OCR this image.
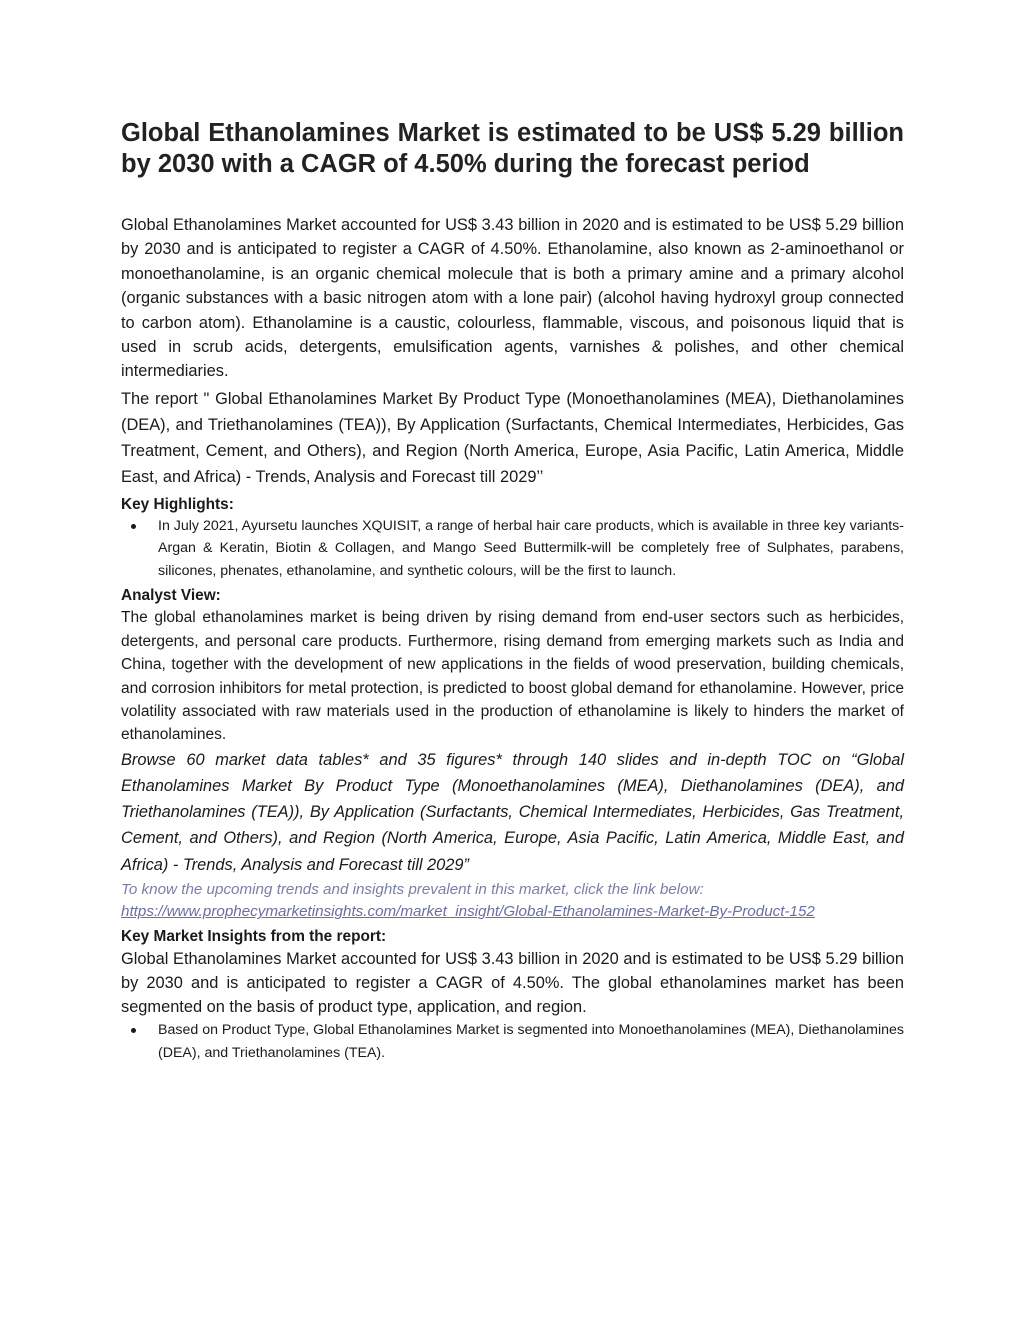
Global Ethanolamines Market is estimated to be US$ 5.29 billion by 2030 with a CAGR of 4.50% during the forecast period

Global Ethanolamines Market accounted for US$ 3.43 billion in 2020 and is estimated to be US$ 5.29 billion by 2030 and is anticipated to register a CAGR of 4.50%. Ethanolamine, also known as 2-aminoethanol or monoethanolamine, is an organic chemical molecule that is both a primary amine and a primary alcohol (organic substances with a basic nitrogen atom with a lone pair) (alcohol having hydroxyl group connected to carbon atom). Ethanolamine is a caustic, colourless, flammable, viscous, and poisonous liquid that is used in scrub acids, detergents, emulsification agents, varnishes & polishes, and other chemical intermediaries.

The report " Global Ethanolamines Market By Product Type (Monoethanolamines (MEA), Diethanolamines (DEA), and Triethanolamines (TEA)), By Application (Surfactants, Chemical Intermediates, Herbicides, Gas Treatment, Cement, and Others), and Region (North America, Europe, Asia Pacific, Latin America, Middle East, and Africa) - Trends, Analysis and Forecast till 2029’’

Key Highlights:
In July 2021, Ayursetu launches XQUISIT, a range of herbal hair care products, which is available in three key variants-Argan & Keratin, Biotin & Collagen, and Mango Seed Buttermilk-will be completely free of Sulphates, parabens, silicones, phenates, ethanolamine, and synthetic colours, will be the first to launch.
Analyst View:

The global ethanolamines market is being driven by rising demand from end-user sectors such as herbicides, detergents, and personal care products. Furthermore, rising demand from emerging markets such as India and China, together with the development of new applications in the fields of wood preservation, building chemicals, and corrosion inhibitors for metal protection, is predicted to boost global demand for ethanolamine. However, price volatility associated with raw materials used in the production of ethanolamine is likely to hinders the market of ethanolamines.

Browse 60 market data tables* and 35 figures* through 140 slides and in-depth TOC on “Global Ethanolamines Market By Product Type (Monoethanolamines (MEA), Diethanolamines (DEA), and Triethanolamines (TEA)), By Application (Surfactants, Chemical Intermediates, Herbicides, Gas Treatment, Cement, and Others), and Region (North America, Europe, Asia Pacific, Latin America, Middle East, and Africa) - Trends, Analysis and Forecast till 2029”

To know the upcoming trends and insights prevalent in this market, click the link below:

https://www.prophecymarketinsights.com/market_insight/Global-Ethanolamines-Market-By-Product-152
Key Market Insights from the report:

Global Ethanolamines Market accounted for US$ 3.43 billion in 2020 and is estimated to be US$ 5.29 billion by 2030 and is anticipated to register a CAGR of 4.50%. The global ethanolamines market has been segmented on the basis of product type, application, and region.

Based on Product Type, Global Ethanolamines Market is segmented into Monoethanolamines (MEA), Diethanolamines (DEA), and Triethanolamines (TEA).
